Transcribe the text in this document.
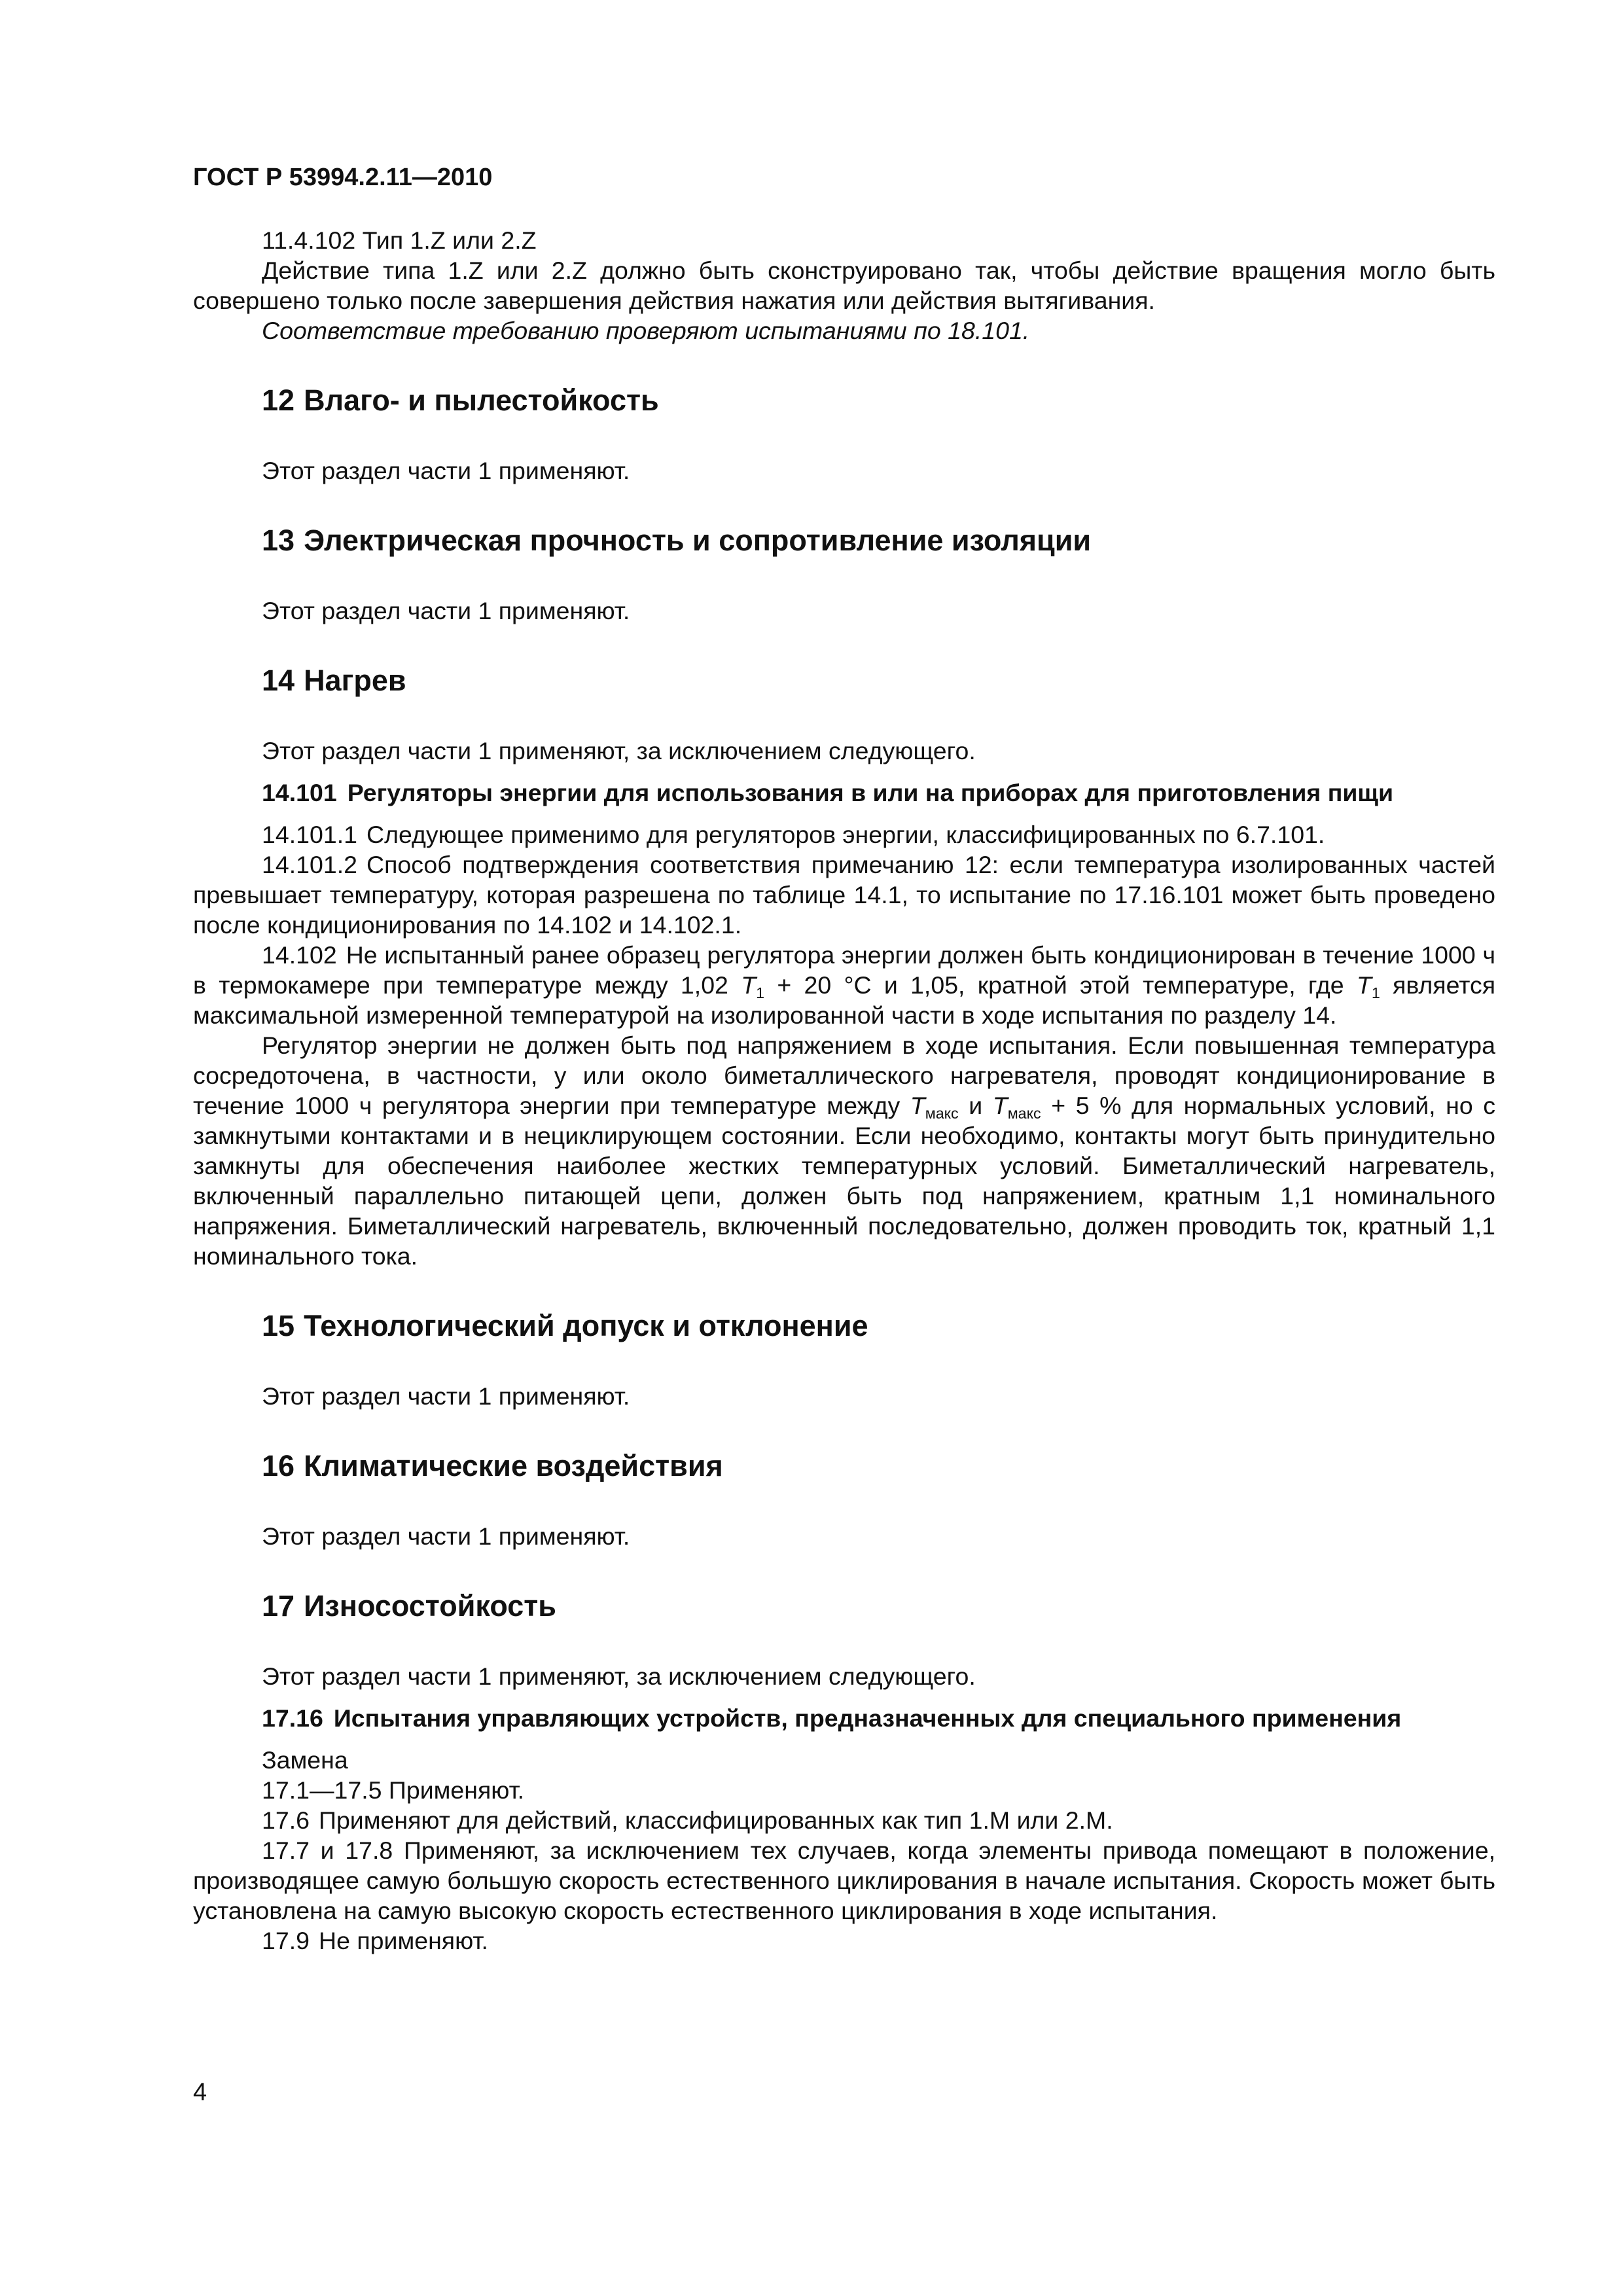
ГОСТ Р 53994.2.11—2010

11.4.102 Тип 1.Z или 2.Z

Действие типа 1.Z или 2.Z должно быть сконструировано так, чтобы действие вращения могло быть совершено только после завершения действия нажатия или действия вытягивания.

Соответствие требованию проверяют испытаниями по 18.101.

12 Влаго- и пылестойкость

Этот раздел части 1 применяют.

13 Электрическая прочность и сопротивление изоляции

Этот раздел части 1 применяют.

14 Нагрев

Этот раздел части 1 применяют, за исключением следующего.

14.101 Регуляторы энергии для использования в или на приборах для приготовления пищи

14.101.1 Следующее применимо для регуляторов энергии, классифицированных по 6.7.101.

14.101.2 Способ подтверждения соответствия примечанию 12: если температура изолированных частей превышает температуру, которая разрешена по таблице 14.1, то испытание по 17.16.101 может быть проведено после кондиционирования по 14.102 и 14.102.1.

14.102 Не испытанный ранее образец регулятора энергии должен быть кондиционирован в течение 1000 ч в термокамере при температуре между 1,02 $T_1 + 20$ °С и 1,05, кратной этой температуре, где $T_1$ является максимальной измеренной температурой на изолированной части в ходе испытания по разделу 14.

Регулятор энергии не должен быть под напряжением в ходе испытания. Если повышенная температура сосредоточена, в частности, у или около биметаллического нагревателя, проводят кондиционирование в течение 1000 ч регулятора энергии при температуре между $T_{макс}$ и $T_{макс} + 5$ % для нормальных условий, но с замкнутыми контактами и в нециклирующем состоянии. Если необходимо, контакты могут быть принудительно замкнуты для обеспечения наиболее жестких температурных условий. Биметаллический нагреватель, включенный параллельно питающей цепи, должен быть под напряжением, кратным 1,1 номинального напряжения. Биметаллический нагреватель, включенный последовательно, должен проводить ток, кратный 1,1 номинального тока.

15 Технологический допуск и отклонение

Этот раздел части 1 применяют.

16 Климатические воздействия

Этот раздел части 1 применяют.

17 Износостойкость

Этот раздел части 1 применяют, за исключением следующего.

17.16 Испытания управляющих устройств, предназначенных для специального применения

Замена

17.1—17.5 Применяют.

17.6 Применяют для действий, классифицированных как тип 1.М или 2.М.

17.7 и 17.8 Применяют, за исключением тех случаев, когда элементы привода помещают в положение, производящее самую большую скорость естественного циклирования в начале испытания. Скорость может быть установлена на самую высокую скорость естественного циклирования в ходе испытания.

17.9 Не применяют.

4
